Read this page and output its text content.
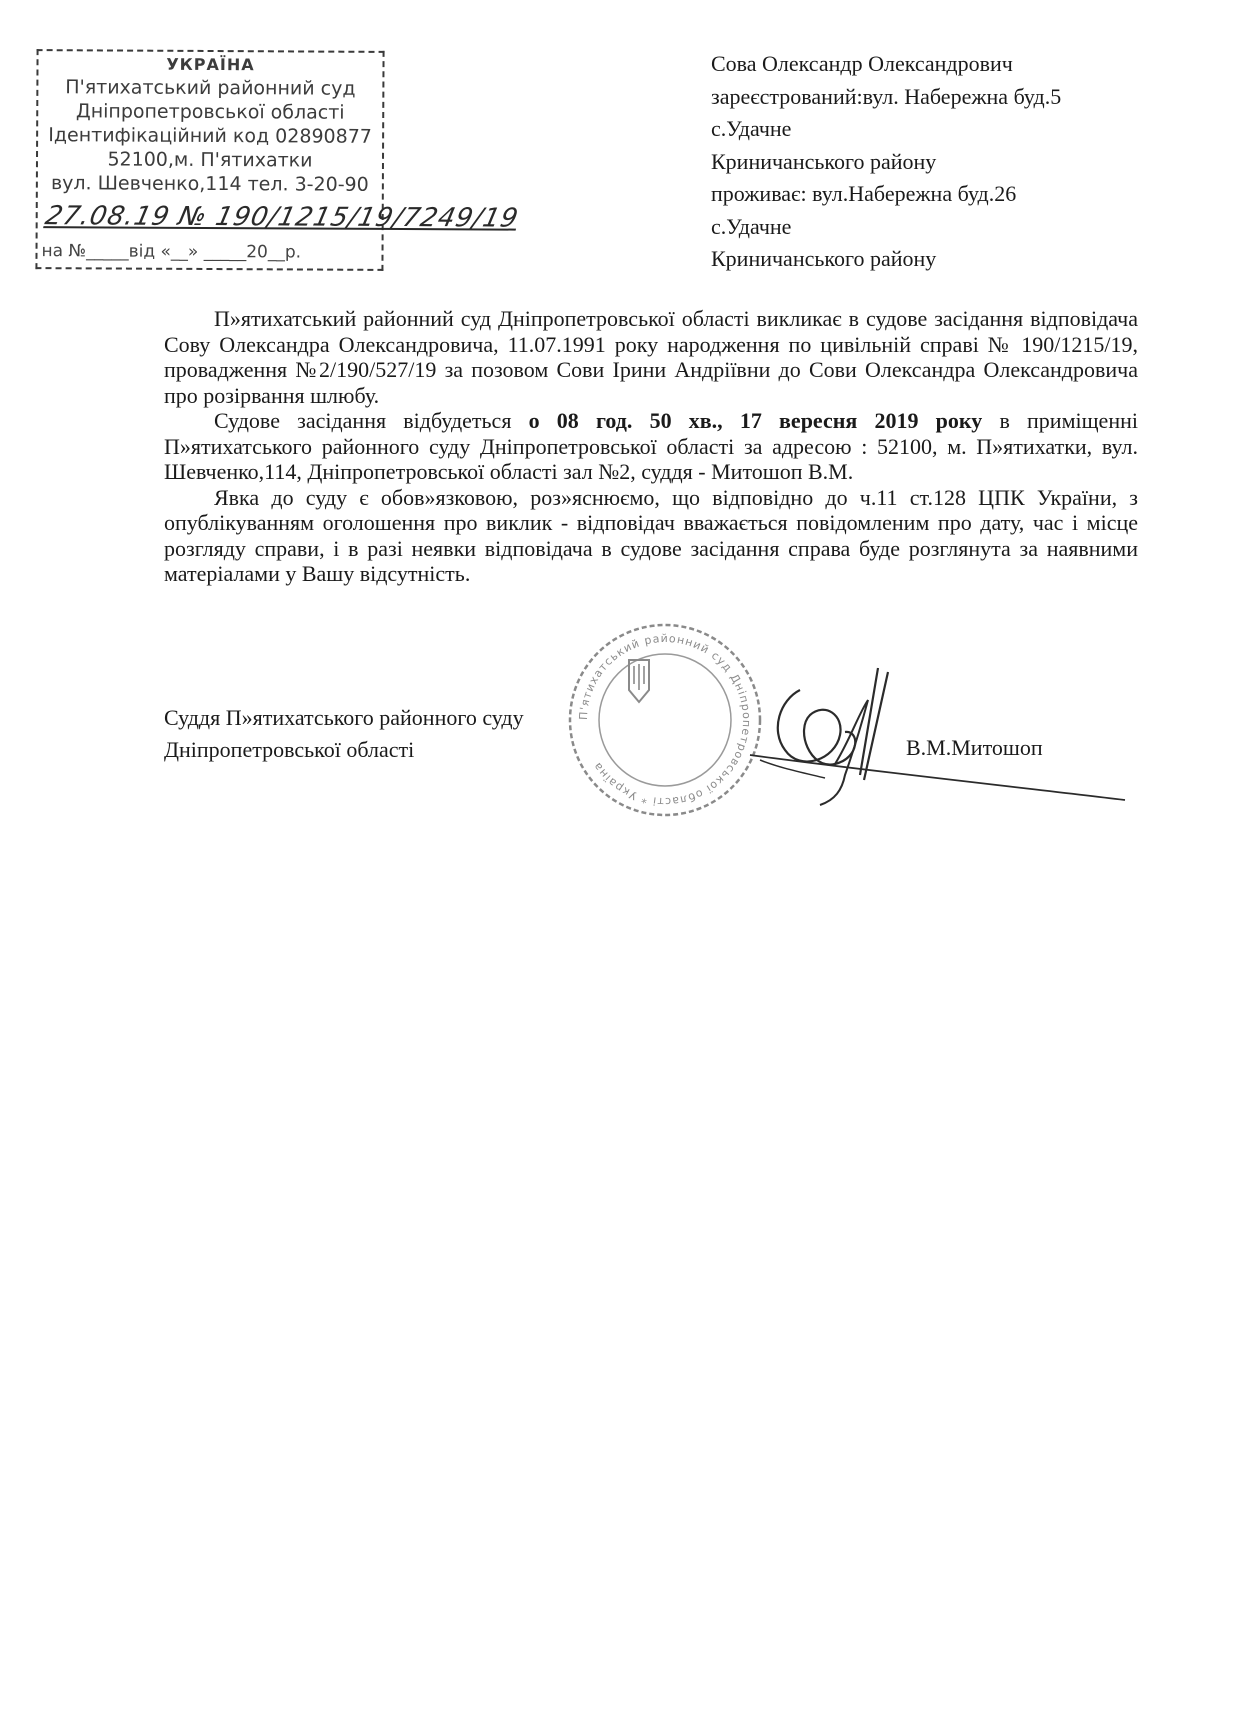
УКРАЇНА
П'ятихатський районний суд
Дніпропетровської області
Ідентифікаційний код 02890877
52100,м. П'ятихатки
вул. Шевченко,114 тел. 3-20-90
27.08.19 № 190/1215/19/7249/19
на №_____від «__» _____20__р.
Сова Олександр Олександрович
зареєстрований:вул. Набережна буд.5
с.Удачне
Криничанського району
проживає: вул.Набережна буд.26
с.Удачне
Криничанського району

П»ятихатський районний суд Дніпропетровської області викликає в судове засідання відповідача Сову Олександра Олександровича, 11.07.1991 року народження по цивільній справі № 190/1215/19, провадження №2/190/527/19 за позовом Сови Ірини Андріївни до Сови Олександра Олександровича про розірвання шлюбу.

Судове засідання відбудеться о 08 год. 50 хв., 17 вересня 2019 року в приміщенні П»ятихатського районного суду Дніпропетровської області за адресою : 52100, м. П»ятихатки, вул. Шевченко,114, Дніпропетровської області зал №2, суддя - Митошоп В.М.

Явка до суду є обов»язковою, роз»яснюємо, що відповідно до ч.11 ст.128 ЦПК України, з опублікуванням оголошення про виклик - відповідач вважається повідомленим про дату, час і місце розгляду справи, і в разі неявки відповідача в судове засідання справа буде розглянута за наявними матеріалами у Вашу відсутність.

П'ятихатський районний суд Дніпропетровської області * Україна
Суддя П»ятихатського районного суду
Дніпропетровської області	В.М.Митошоп
